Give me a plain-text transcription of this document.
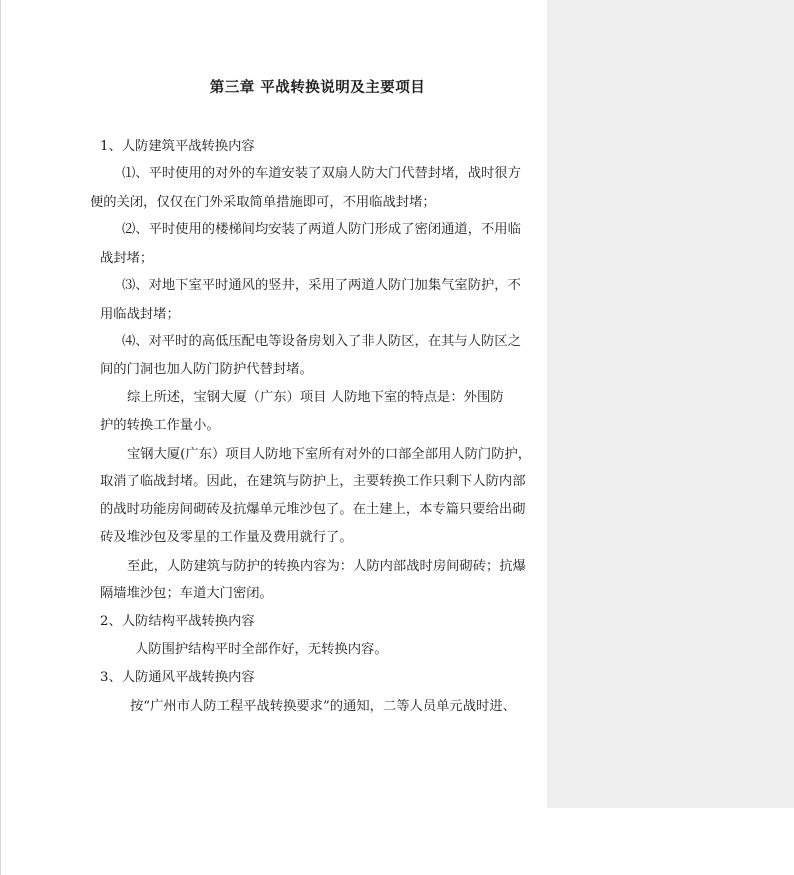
第三章 平战转换说明及主要项目
1、人防建筑平战转换内容
⑴、平时使用的对外的车道安装了双扇人防大门代替封堵，战时很方
便的关闭，仅仅在门外采取简单措施即可，不用临战封堵；
⑵、平时使用的楼梯间均安装了两道人防门形成了密闭通道，不用临
战封堵；
⑶、对地下室平时通风的竖井，采用了两道人防门加集气室防护，不
用临战封堵；
⑷、对平时的高低压配电等设备房划入了非人防区，在其与人防区之
间的门洞也加人防门防护代替封堵。
综上所述，宝钢大厦（广东）项目 人防地下室的特点是：外围防
护的转换工作量小。
宝钢大厦(广东）项目人防地下室所有对外的口部全部用人防门防护，
取消了临战封堵。因此，在建筑与防护上，主要转换工作只剩下人防内部
的战时功能房间砌砖及抗爆单元堆沙包了。在土建上，本专篇只要给出砌
砖及堆沙包及零星的工作量及费用就行了。
至此，人防建筑与防护的转换内容为：人防内部战时房间砌砖；抗爆
隔墙堆沙包；车道大门密闭。
2、人防结构平战转换内容
人防围护结构平时全部作好，无转换内容。
3、人防通风平战转换内容
按“广州市人防工程平战转换要求”的通知，二等人员单元战时进、
